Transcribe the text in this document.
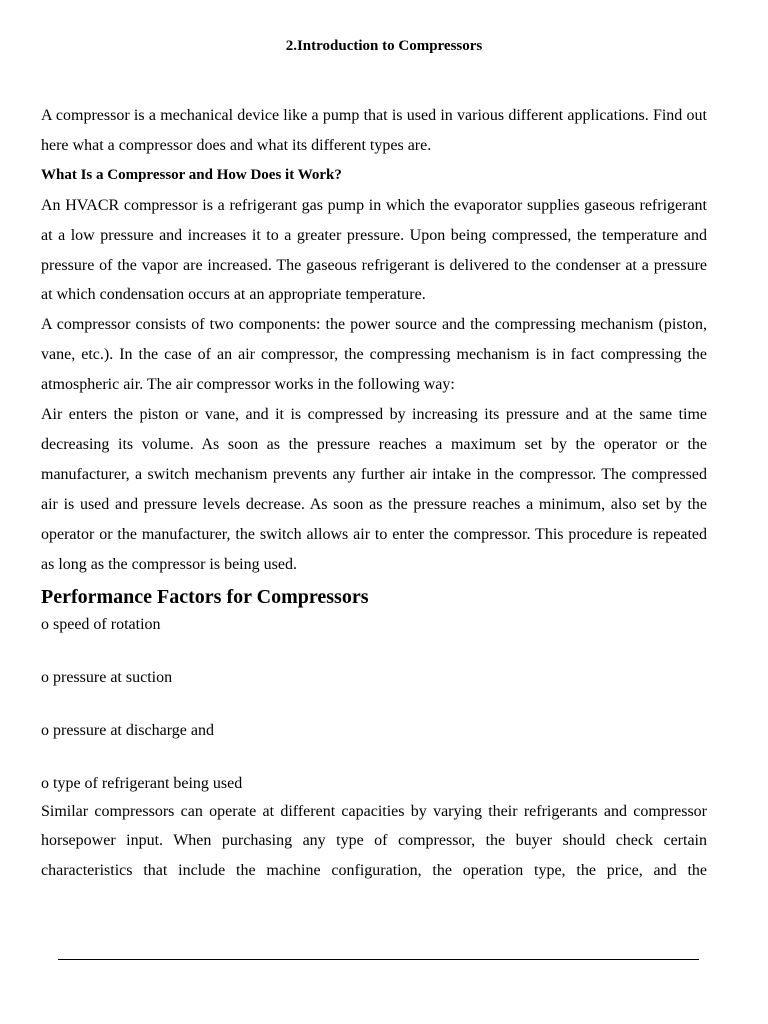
2.Introduction to Compressors

A compressor is a mechanical device like a pump that is used in various different applications. Find out here what a compressor does and what its different types are.

What Is a Compressor and How Does it Work?

An HVACR compressor is a refrigerant gas pump in which the evaporator supplies gaseous refrigerant at a low pressure and increases it to a greater pressure. Upon being compressed, the temperature and pressure of the vapor are increased. The gaseous refrigerant is delivered to the condenser at a pressure at which condensation occurs at an appropriate temperature.

A compressor consists of two components: the power source and the compressing mechanism (piston, vane, etc.). In the case of an air compressor, the compressing mechanism is in fact compressing the atmospheric air. The air compressor works in the following way:

Air enters the piston or vane, and it is compressed by increasing its pressure and at the same time decreasing its volume. As soon as the pressure reaches a maximum set by the operator or the manufacturer, a switch mechanism prevents any further air intake in the compressor. The compressed air is used and pressure levels decrease. As soon as the pressure reaches a minimum, also set by the operator or the manufacturer, the switch allows air to enter the compressor. This procedure is repeated as long as the compressor is being used.

Performance Factors for Compressors
o speed of rotation
o pressure at suction
o pressure at discharge and
o type of refrigerant being used

Similar compressors can operate at different capacities by varying their refrigerants and compressor horsepower input. When purchasing any type of compressor, the buyer should check certain characteristics that include the machine configuration, the operation type, the price, and the
